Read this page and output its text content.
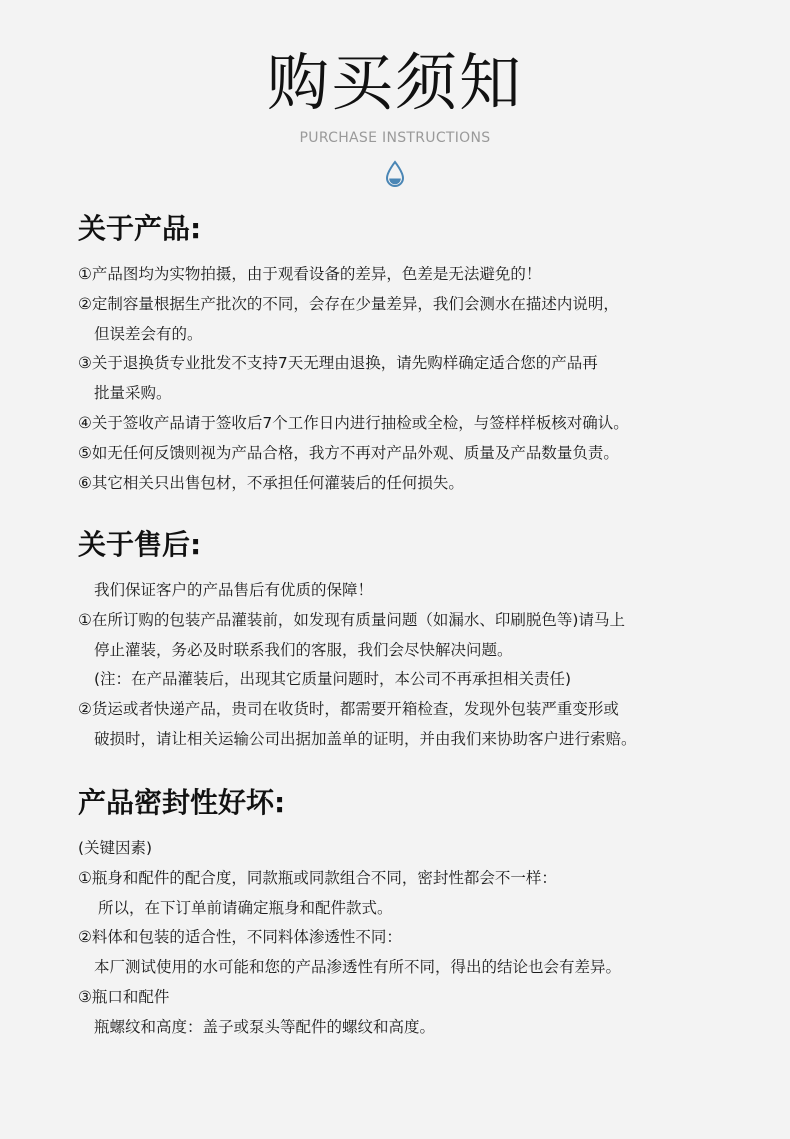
购买须知
PURCHASE INSTRUCTIONS
关于产品:
①产品图均为实物拍摄，由于观看设备的差异，色差是无法避免的！
②定制容量根据生产批次的不同，会存在少量差异，我们会测水在描述内说明，
但误差会有的。
③关于退换货专业批发不支持7天无理由退换，请先购样确定适合您的产品再
批量采购。
④关于签收产品请于签收后7个工作日内进行抽检或全检，与签样样板核对确认。
⑤如无任何反馈则视为产品合格，我方不再对产品外观、质量及产品数量负责。
⑥其它相关只出售包材，不承担任何灌装后的任何损失。
关于售后:
我们保证客户的产品售后有优质的保障！
①在所订购的包装产品灌装前，如发现有质量问题（如漏水、印刷脱色等)请马上
停止灌装，务必及时联系我们的客服，我们会尽快解决问题。
(注：在产品灌装后，出现其它质量问题时，本公司不再承担相关责任)
②货运或者快递产品，贵司在收货时，都需要开箱检查，发现外包装严重变形或
破损时，请让相关运输公司出据加盖单的证明，并由我们来协助客户进行索赔。
产品密封性好坏:
(关键因素)
①瓶身和配件的配合度，同款瓶或同款组合不同，密封性都会不一样：
所以，在下订单前请确定瓶身和配件款式。
②料体和包装的适合性，不同料体渗透性不同：
本厂测试使用的水可能和您的产品渗透性有所不同，得出的结论也会有差异。
③瓶口和配件
瓶螺纹和高度：盖子或泵头等配件的螺纹和高度。
